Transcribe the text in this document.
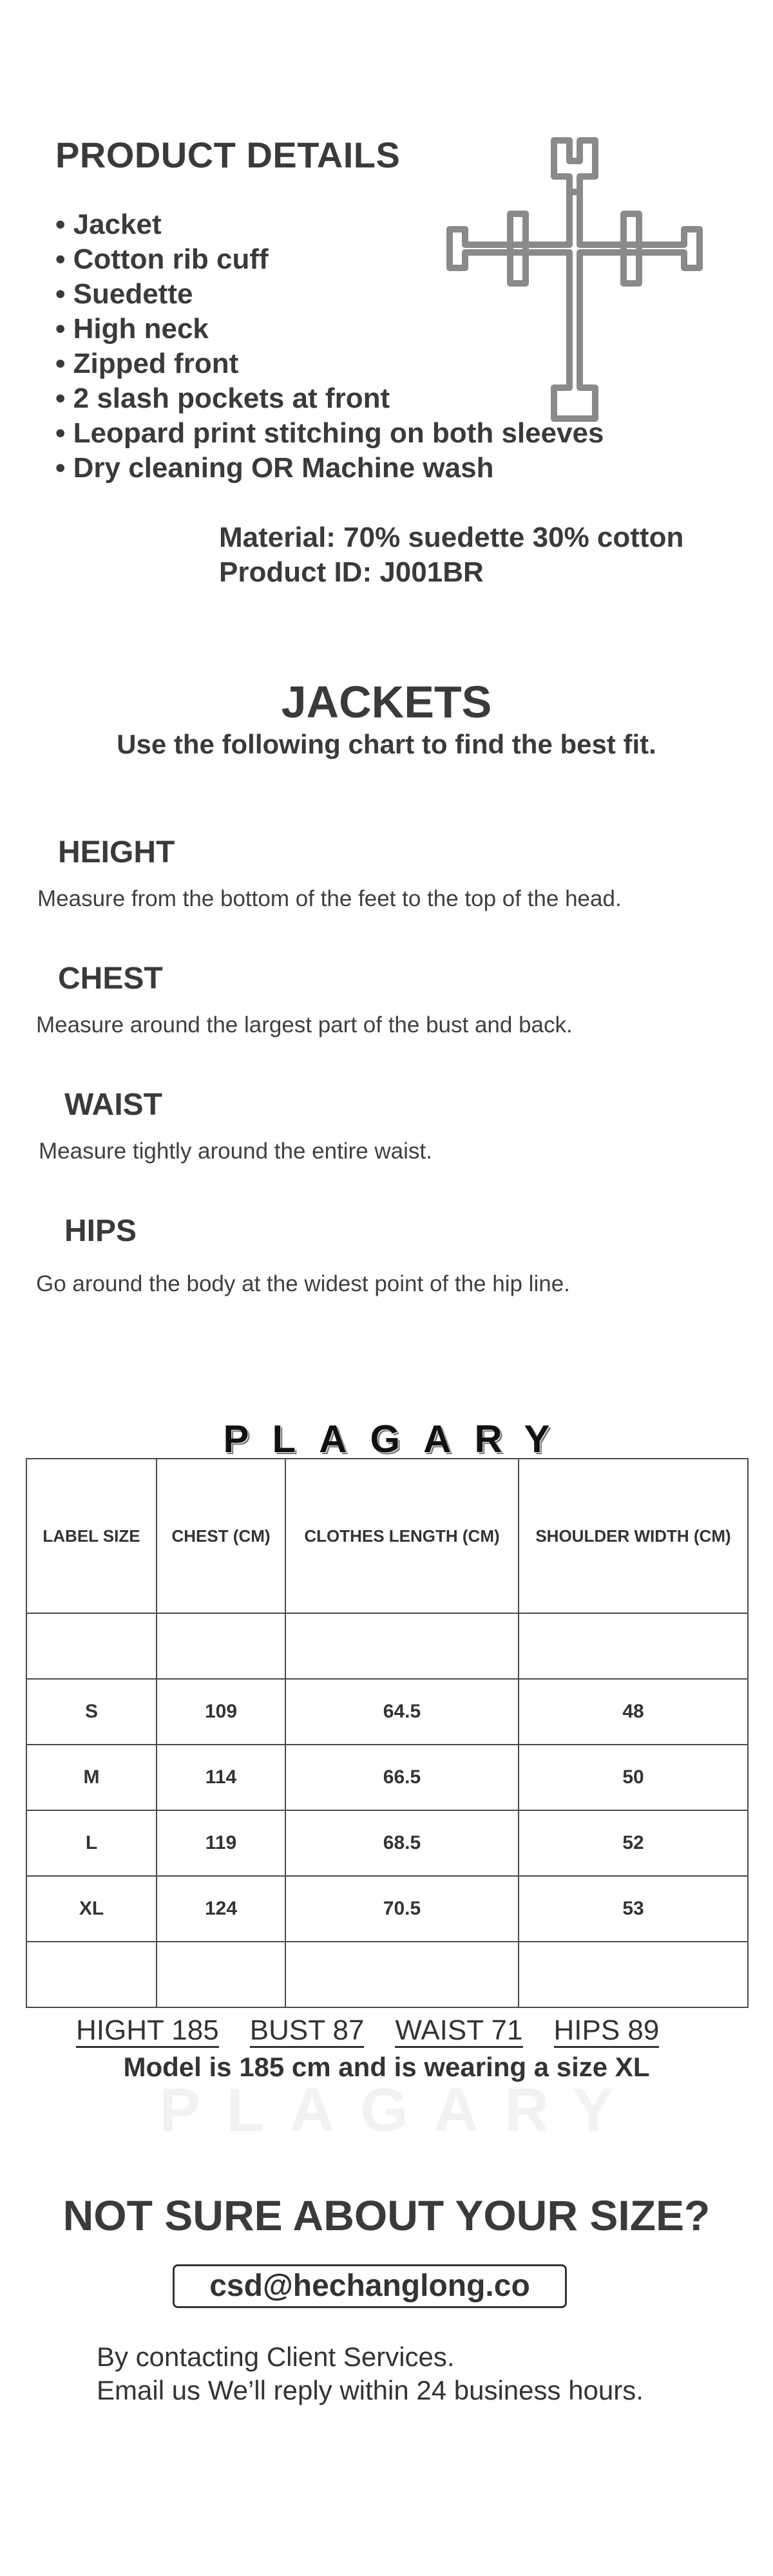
PRODUCT DETAILS
• Jacket
• Cotton rib cuff
• Suedette
• High neck
• Zipped front
• 2 slash pockets at front
• Leopard print stitching on both sleeves
• Dry cleaning OR Machine wash
Material: 70% suedette 30% cotton
Product ID: J001BR
JACKETS
Use the following chart to find the best fit.
HEIGHT
Measure from the bottom of the feet to the top of the head.
CHEST
Measure around the largest part of the bust and back.
WAIST
Measure tightly around the entire waist.
HIPS
Go around the body at the widest point of the hip line.
PLAGARY
LABEL SIZE	CHEST (CM)	CLOTHES LENGTH (CM)	SHOULDER WIDTH (CM)

S	109	64.5	48
M	114	66.5	50
L	119	68.5	52
XL	124	70.5	53

HIGHT 185 BUST 87 WAIST 71 HIPS 89
Model is 185 cm and is wearing a size XL
PLAGARY
NOT SURE ABOUT YOUR SIZE?
csd@hechanglong.co
By contacting Client Services.
Email us We’ll reply within 24 business hours.
